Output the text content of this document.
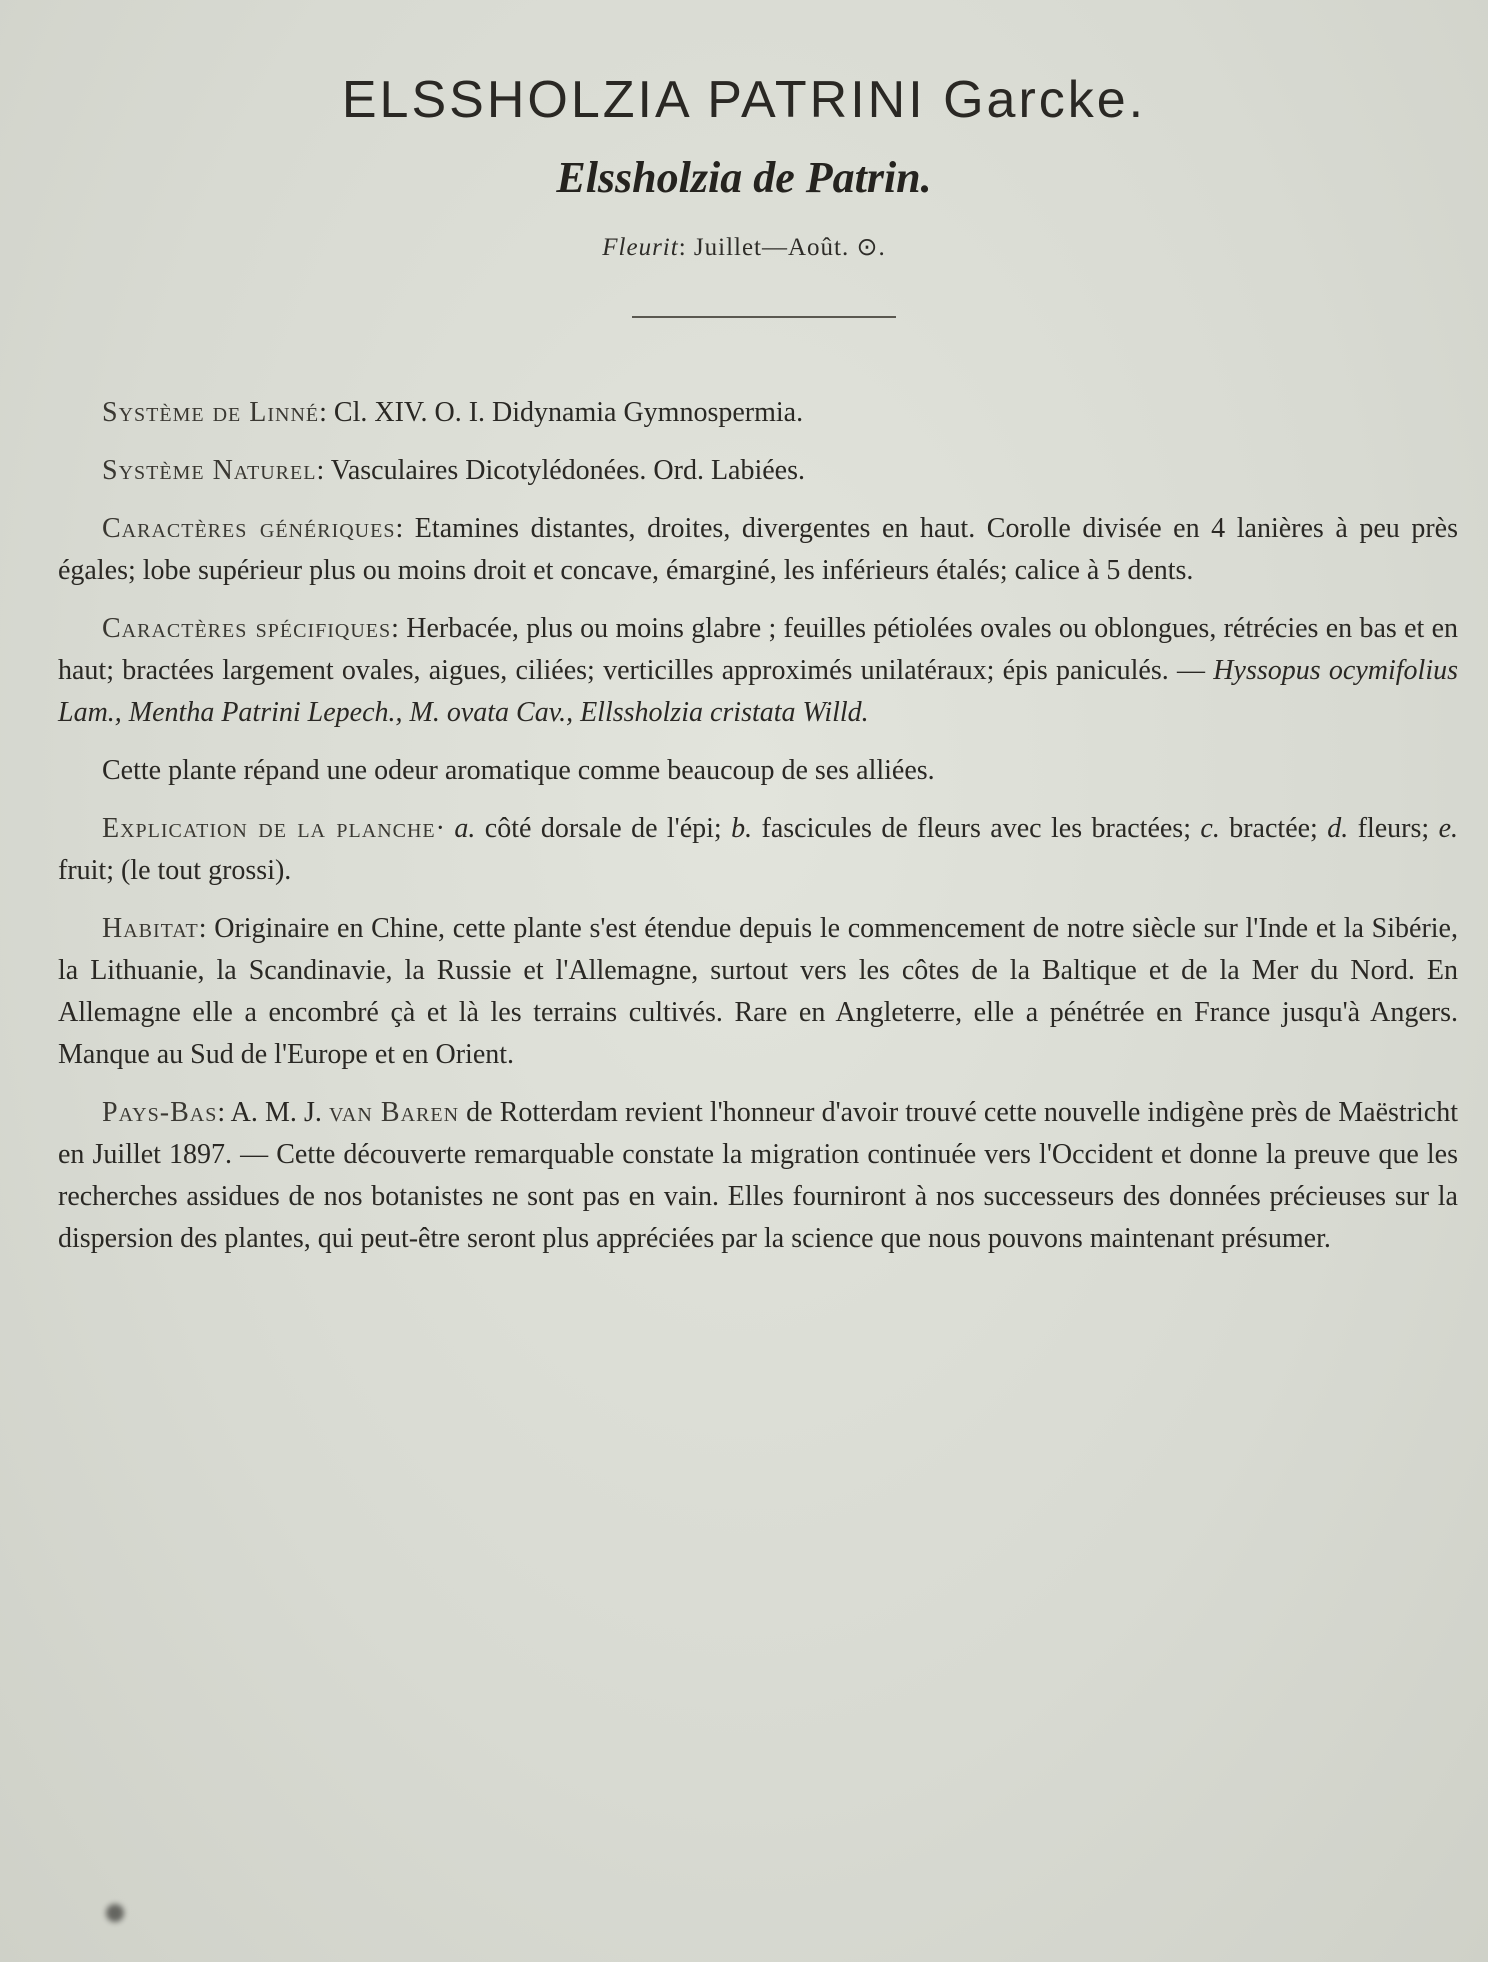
ELSSHOLZIA PATRINI Garcke.
Elssholzia de Patrin.
Fleurit: Juillet—Août. ⊙.

Système de Linné: Cl. XIV. O. I. Didynamia Gymnospermia.

Système Naturel: Vasculaires Dicotylédonées. Ord. Labiées.

Caractères génériques: Etamines distantes, droites, divergentes en haut. Corolle divisée en 4 lanières à peu près égales; lobe supérieur plus ou moins droit et concave, émarginé, les inférieurs étalés; calice à 5 dents.

Caractères spécifiques: Herbacée, plus ou moins glabre ; feuilles pétiolées ovales ou oblongues, rétrécies en bas et en haut; bractées largement ovales, aigues, ciliées; verticilles approximés unilatéraux; épis paniculés. — Hyssopus ocymifolius Lam., Mentha Patrini Lepech., M. ovata Cav., Ellssholzia cristata Willd.

Cette plante répand une odeur aromatique comme beaucoup de ses alliées.

Explication de la planche· a. côté dorsale de l'épi; b. fascicules de fleurs avec les bractées; c. bractée; d. fleurs; e. fruit; (le tout grossi).

Habitat: Originaire en Chine, cette plante s'est étendue depuis le commencement de notre siècle sur l'Inde et la Sibérie, la Lithuanie, la Scandinavie, la Russie et l'Allemagne, surtout vers les côtes de la Baltique et de la Mer du Nord. En Allemagne elle a encombré çà et là les terrains cultivés. Rare en Angleterre, elle a pénétrée en France jusqu'à Angers. Manque au Sud de l'Europe et en Orient.

Pays-Bas: A. M. J. van Baren de Rotterdam revient l'honneur d'avoir trouvé cette nouvelle indigène près de Maëstricht en Juillet 1897. — Cette découverte remarquable constate la migration continuée vers l'Occident et donne la preuve que les recherches assidues de nos botanistes ne sont pas en vain. Elles fourniront à nos successeurs des données précieuses sur la dispersion des plantes, qui peut-être seront plus appréciées par la science que nous pouvons maintenant présumer.
